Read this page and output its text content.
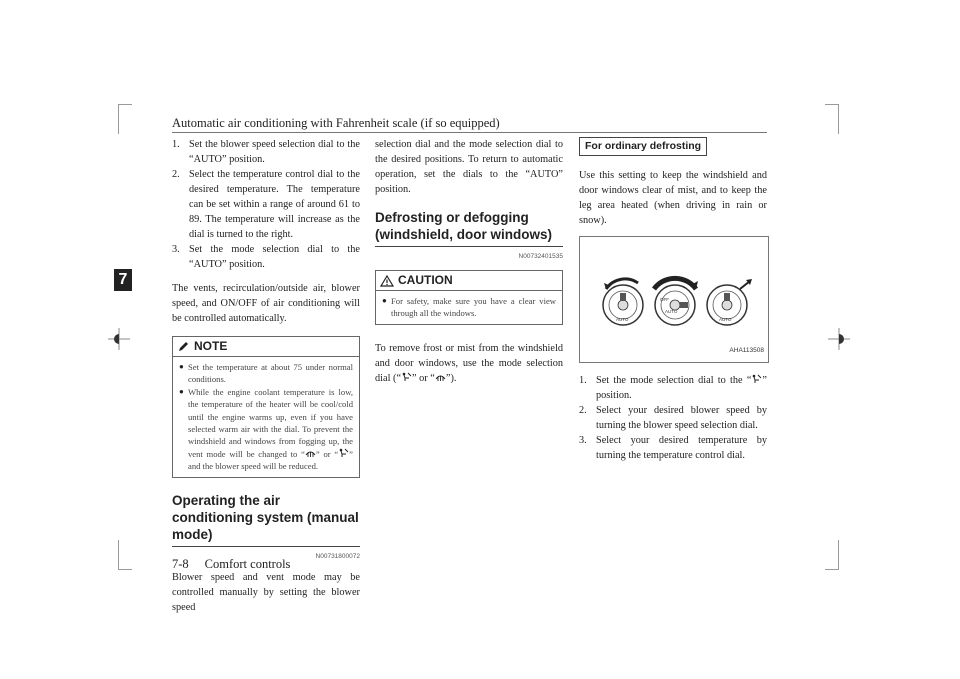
Automatic air conditioning with Fahrenheit scale (if so equipped)
7
1. Set the blower speed selection dial to the “AUTO” position.
2. Select the temperature control dial to the desired temperature. The temperature can be set within a range of around 61 to 89. The temperature will increase as the dial is turned to the right.
3. Set the mode selection dial to the “AUTO” position.

The vents, recirculation/outside air, blower speed, and ON/OFF of air conditioning will be controlled automatically.

NOTE
● Set the temperature at about 75 under normal conditions.
● While the engine coolant temperature is low, the temperature of the heater will be cool/cold until the engine warms up, even if you have selected warm air with the dial. To prevent the windshield and windows from fogging up, the vent mode will be changed to “ ” or “ ” and the blower speed will be reduced.
Operating the air conditioning system (manual mode)
N00731800072

Blower speed and vent mode may be controlled manually by setting the blower speed

selection dial and the mode selection dial to the desired positions. To return to automatic operation, set the dials to the “AUTO” position.

Defrosting or defogging (windshield, door windows)
N00732401535
CAUTION
● For safety, make sure you have a clear view through all the windows.

To remove frost or mist from the windshield and door windows, use the mode selection dial (“ ” or “ ”).

For ordinary defrosting

Use this setting to keep the windshield and door windows clear of mist, and to keep the leg area heated (when driving in rain or snow).

AUTO
AUTO
OFF
AUTO
AHA113508
1. Set the mode selection dial to the “ ” position.
2. Select your desired blower speed by turning the blower speed selection dial.
3. Select your desired temperature by turning the temperature control dial.
7-8 Comfort controls
